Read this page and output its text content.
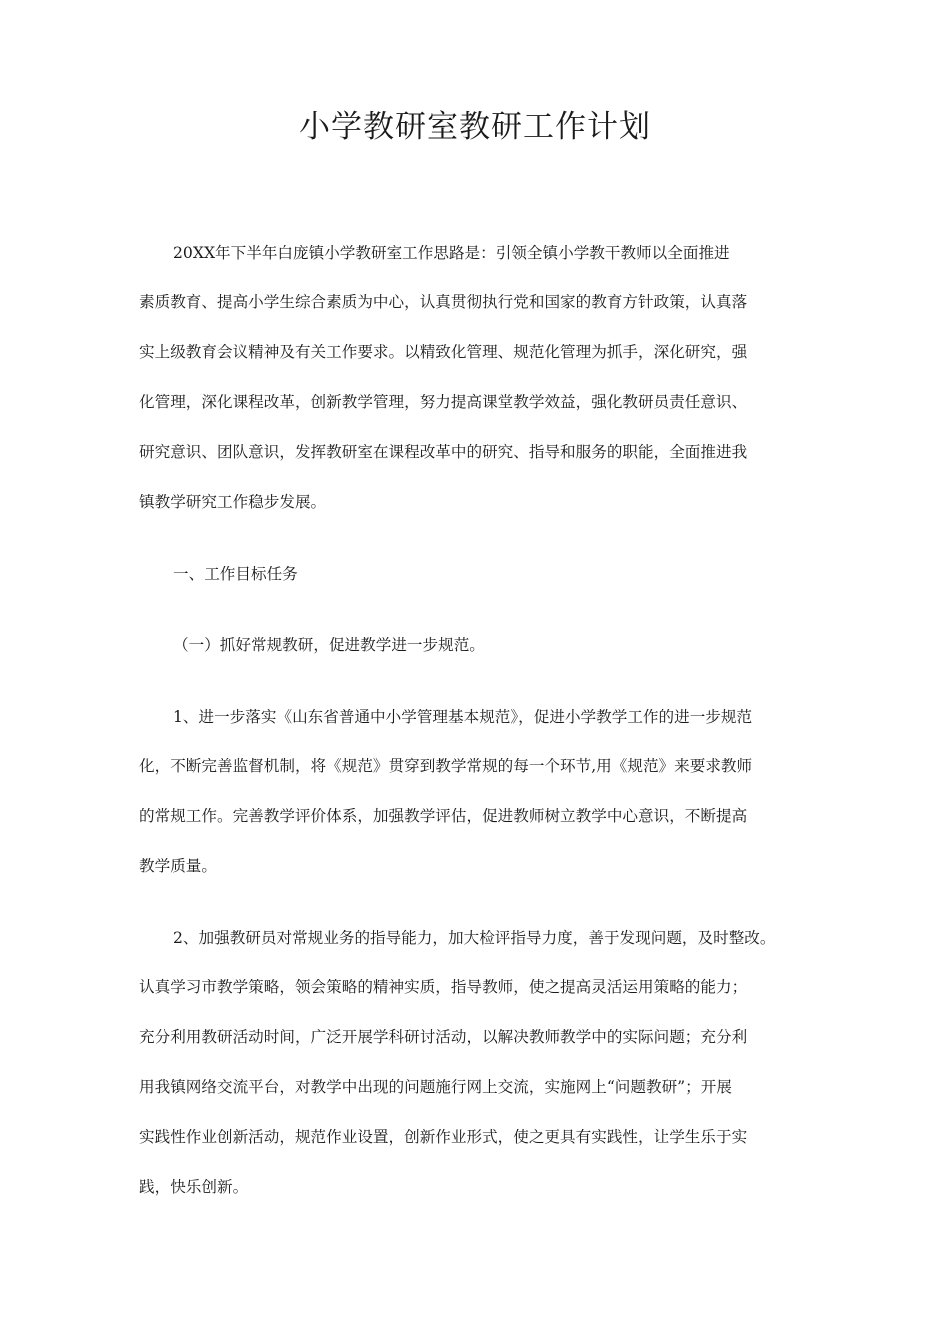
小学教研室教研工作计划

20XX年下半年白庞镇小学教研室工作思路是：引领全镇小学教干教师以全面推进

素质教育、提高小学生综合素质为中心，认真贯彻执行党和国家的教育方针政策，认真落

实上级教育会议精神及有关工作要求。以精致化管理、规范化管理为抓手，深化研究，强

化管理，深化课程改革，创新教学管理，努力提高课堂教学效益，强化教研员责任意识、

研究意识、团队意识，发挥教研室在课程改革中的研究、指导和服务的职能，全面推进我

镇教学研究工作稳步发展。

一、工作目标任务

（一）抓好常规教研，促进教学进一步规范。

1、进一步落实《山东省普通中小学管理基本规范》，促进小学教学工作的进一步规范

化，不断完善监督机制，将《规范》贯穿到教学常规的每一个环节,用《规范》来要求教师

的常规工作。完善教学评价体系，加强教学评估，促进教师树立教学中心意识，不断提高

教学质量。

2、加强教研员对常规业务的指导能力，加大检评指导力度，善于发现问题，及时整改。

认真学习市教学策略，领会策略的精神实质，指导教师，使之提高灵活运用策略的能力；

充分利用教研活动时间，广泛开展学科研讨活动，以解决教师教学中的实际问题；充分利

用我镇网络交流平台，对教学中出现的问题施行网上交流，实施网上“问题教研”；开展

实践性作业创新活动，规范作业设置，创新作业形式，使之更具有实践性，让学生乐于实

践，快乐创新。
